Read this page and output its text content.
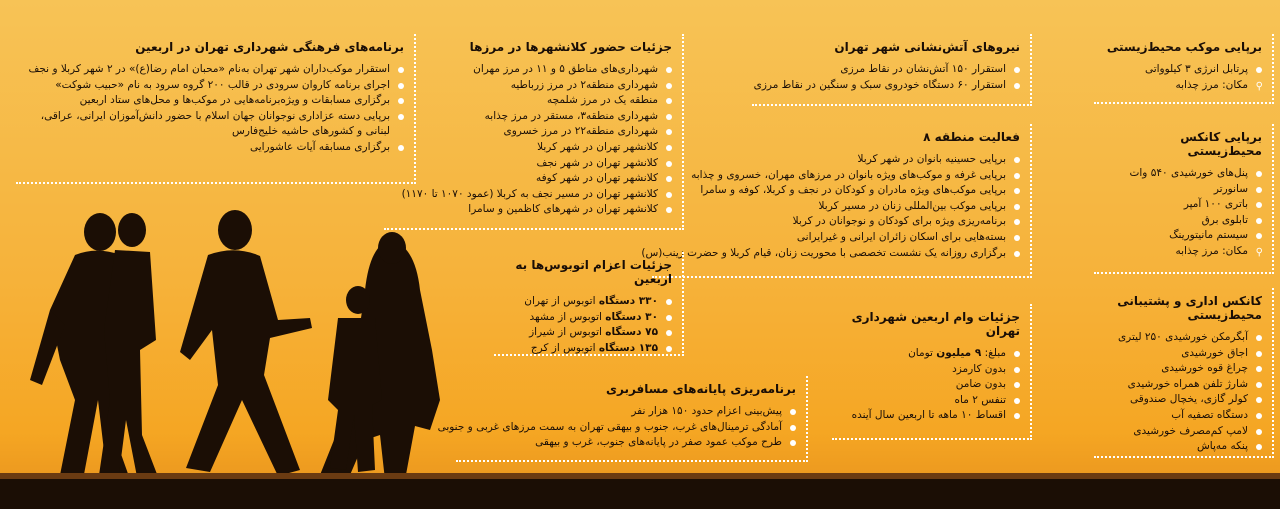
برپایی موکب محیط‌زیستی
پرتابل انرژی ۳ کیلوواتی
⚲
مکان: مرز چذابه
برپایی کانکس محیط‌زیستی
پنل‌های خورشیدی ۵۴۰ وات
سانورتر
باتری ۱۰۰ آمپر
تابلوی برق
سیستم مانیتورینگ
⚲
مکان: مرز چذابه
کانکس اداری و پشتیبانی محیط‌زیستی
آبگرمکن خورشیدی ۲۵۰ لیتری
اجاق خورشیدی
چراغ قوه خورشیدی
شارژ تلفن همراه خورشیدی
کولر گازی، یخچال صندوقی
دستگاه تصفیه آب
لامپ کم‌مصرف خورشیدی
پنکه مه‌پاش
نیروهای آتش‌نشانی شهر تهران
استقرار ۱۵۰ آتش‌نشان در نقاط مرزی
استقرار ۶۰ دستگاه خودروی سبک و سنگین در نقاط مرزی
فعالیت منطقه ۸
برپایی حسینیه بانوان در شهر کربلا
برپایی غرفه و موکب‌های ویژه بانوان در مرزهای مهران، خسروی و چذابه
برپایی موکب‌های ویژه مادران و کودکان در نجف و کربلا، کوفه و سامرا
برپایی موکب بین‌المللی زنان در مسیر کربلا
برنامه‌ریزی ویژه برای کودکان و نوجوانان در کربلا
بسته‌هایی برای اسکان زائران ایرانی و غیرایرانی
برگزاری روزانه یک نشست تخصصی با محوریت زنان، قیام کربلا و حضرت زینب(س)
جزئیات وام اربعین شهرداری تهران
مبلغ: ۹ میلیون تومان
بدون کارمزد
بدون ضامن
تنفس ۲ ماه
اقساط ۱۰ ماهه تا اربعین سال آینده
جزئیات حضور کلانشهرها در مرزها
شهرداری‌های مناطق ۵ و ۱۱ در مرز مهران
شهرداری منطقه۲ در مرز زرباطیه
منطقه یک در مرز شلمچه
شهرداری منطقه۳، مستقر در مرز چذابه
شهرداری منطقه۲۲ در مرز خسروی
کلانشهر تهران در شهر کربلا
کلانشهر تهران در شهر نجف
کلانشهر تهران در شهر کوفه
کلانشهر تهران در مسیر نجف به کربلا (عمود ۱۰۷۰ تا ۱۱۷۰)
کلانشهر تهران در شهرهای کاظمین و سامرا
جزئیات اعزام اتوبوس‌ها به اربعین
۳۳۰ دستگاه اتوبوس از تهران
۳۰ دستگاه اتوبوس از مشهد
۷۵ دستگاه اتوبوس از شیراز
۱۳۵ دستگاه اتوبوس از کرج
برنامه‌ریزی پایانه‌های مسافربری
پیش‌بینی اعزام حدود ۱۵۰ هزار نفر
آمادگی ترمینال‌های غرب، جنوب و بیهقی تهران به سمت مرزهای غربی و جنوبی
طرح موکب عمود صفر در پایانه‌های جنوب، غرب و بیهقی
برنامه‌های فرهنگی شهرداری تهران در اربعین
استقرار موکب‌داران شهر تهران به‌نام «محبان امام رضا(ع)» در ۲ شهر کربلا و نجف
اجرای برنامه کاروان سرودی در قالب ۲۰۰ گروه سرود به نام «حبیب شوکت»
برگزاری مسابقات و ویژه‌برنامه‌هایی در موکب‌ها و محل‌های ستاد اربعین
برپایی دسته عزاداری نوجوانان جهان اسلام با حضور دانش‌آموزان ایرانی، عراقی، لبنانی و کشورهای حاشیه خلیج‌فارس
برگزاری مسابقه آیات عاشورایی
